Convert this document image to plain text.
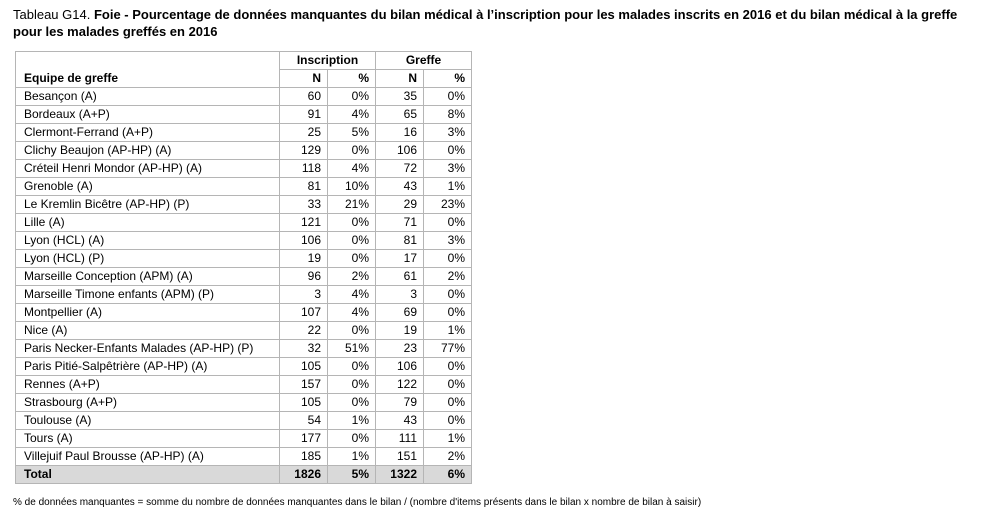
Tableau G14. Foie - Pourcentage de données manquantes du bilan médical à l’inscription pour les malades inscrits en 2016 et du bilan médical à la greffe pour les malades greffés en 2016
Equipe de greffe	Inscription		Greffe	
	N	%	N	%
Besançon (A)	60	0%	35	0%
Bordeaux (A+P)	91	4%	65	8%
Clermont-Ferrand (A+P)	25	5%	16	3%
Clichy Beaujon (AP-HP) (A)	129	0%	106	0%
Créteil Henri Mondor (AP-HP) (A)	118	4%	72	3%
Grenoble (A)	81	10%	43	1%
Le Kremlin Bicêtre (AP-HP) (P)	33	21%	29	23%
Lille (A)	121	0%	71	0%
Lyon (HCL) (A)	106	0%	81	3%
Lyon (HCL) (P)	19	0%	17	0%
Marseille Conception (APM) (A)	96	2%	61	2%
Marseille Timone enfants (APM) (P)	3	4%	3	0%
Montpellier (A)	107	4%	69	0%
Nice (A)	22	0%	19	1%
Paris Necker-Enfants Malades (AP-HP) (P)	32	51%	23	77%
Paris Pitié-Salpêtrière (AP-HP) (A)	105	0%	106	0%
Rennes (A+P)	157	0%	122	0%
Strasbourg (A+P)	105	0%	79	0%
Toulouse (A)	54	1%	43	0%
Tours (A)	177	0%	111	1%
Villejuif Paul Brousse (AP-HP) (A)	185	1%	151	2%
Total	1826	5%	1322	6%
% de données manquantes = somme du nombre de données manquantes dans le bilan / (nombre d'items présents dans le bilan x nombre de bilan à saisir)
